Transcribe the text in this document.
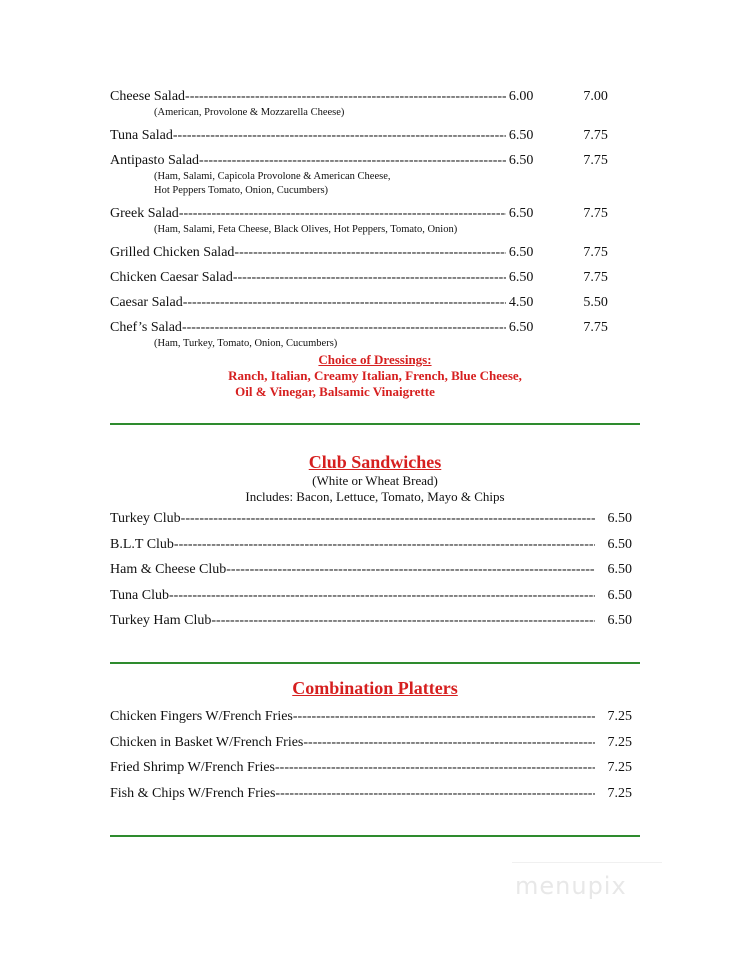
Cheese Salad -----	6.00	7.00
(American, Provolone & Mozzarella Cheese)
Tuna Salad -----	6.50	7.75
Antipasto Salad -----	6.50	7.75
(Ham, Salami, Capicola Provolone & American Cheese,
Hot Peppers Tomato, Onion, Cucumbers)
Greek Salad -----	6.50	7.75
(Ham, Salami, Feta Cheese, Black Olives, Hot Peppers, Tomato, Onion)
Grilled Chicken Salad -----	6.50	7.75
Chicken Caesar Salad -----	6.50	7.75
Caesar Salad -----	4.50	5.50
Chef’s Salad -----	6.50	7.75
(Ham, Turkey, Tomato, Onion, Cucumbers)
Choice of Dressings:
Ranch, Italian, Creamy Italian, French, Blue Cheese,
Oil & Vinegar, Balsamic Vinaigrette
Club Sandwiches
(White or Wheat Bread)
Includes: Bacon, Lettuce, Tomato, Mayo & Chips
Turkey Club -----	6.50
B.L.T Club -----	6.50
Ham & Cheese Club -----	6.50
Tuna Club -----	6.50
Turkey Ham Club -----	6.50
Combination Platters
Chicken Fingers W/French Fries -----	7.25
Chicken in Basket W/French Fries -----	7.25
Fried Shrimp W/French Fries -----	7.25
Fish & Chips W/French Fries -----	7.25
menupix
